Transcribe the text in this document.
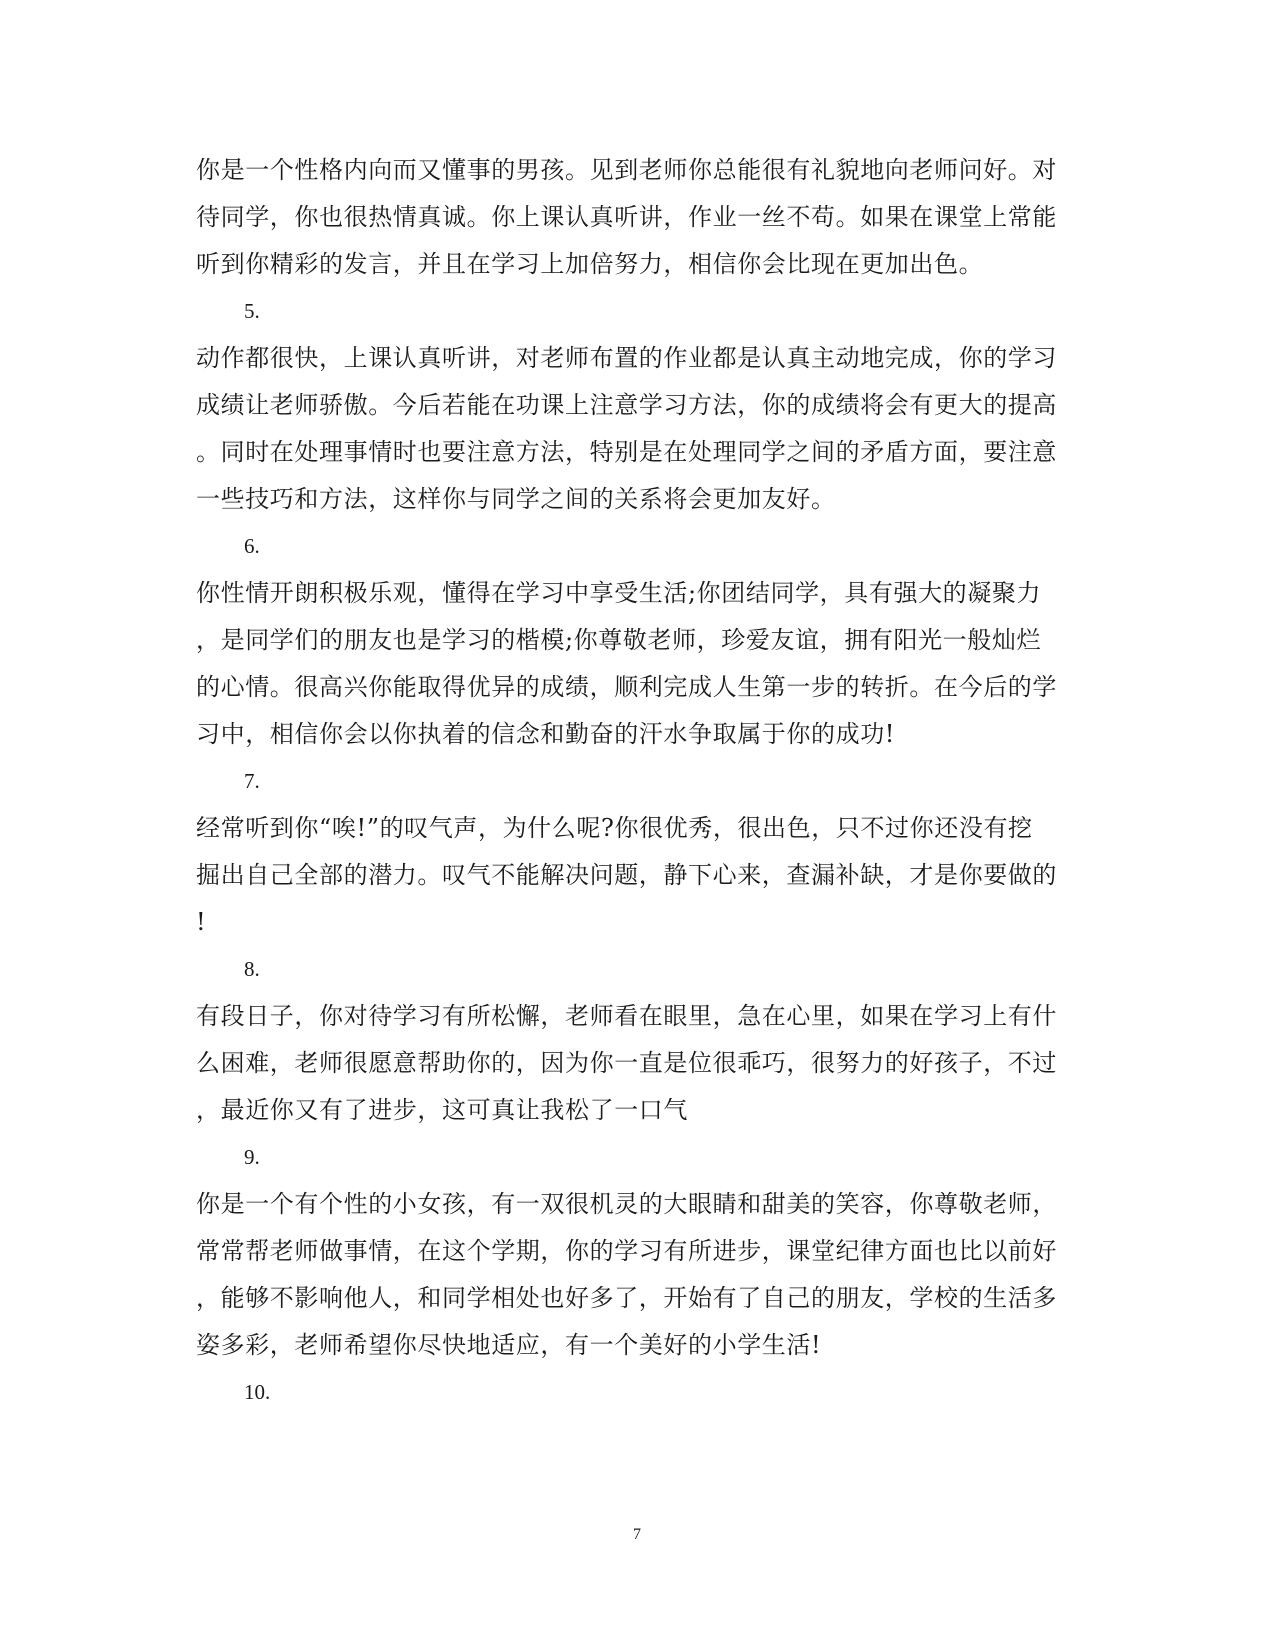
你是一个性格内向而又懂事的男孩。见到老师你总能很有礼貌地向老师问好。对
待同学，你也很热情真诚。你上课认真听讲，作业一丝不苟。如果在课堂上常能
听到你精彩的发言，并且在学习上加倍努力，相信你会比现在更加出色。
5.
动作都很快，上课认真听讲，对老师布置的作业都是认真主动地完成，你的学习
成绩让老师骄傲。今后若能在功课上注意学习方法，你的成绩将会有更大的提高
。同时在处理事情时也要注意方法，特别是在处理同学之间的矛盾方面，要注意
一些技巧和方法，这样你与同学之间的关系将会更加友好。
6.
你性情开朗积极乐观，懂得在学习中享受生活;你团结同学，具有强大的凝聚力
，是同学们的朋友也是学习的楷模;你尊敬老师，珍爱友谊，拥有阳光一般灿烂
的心情。很高兴你能取得优异的成绩，顺利完成人生第一步的转折。在今后的学
习中，相信你会以你执着的信念和勤奋的汗水争取属于你的成功!
7.
经常听到你“唉!”的叹气声，为什么呢?你很优秀，很出色，只不过你还没有挖
掘出自己全部的潜力。叹气不能解决问题，静下心来，查漏补缺，才是你要做的
!
8.
有段日子，你对待学习有所松懈，老师看在眼里，急在心里，如果在学习上有什
么困难，老师很愿意帮助你的，因为你一直是位很乖巧，很努力的好孩子，不过
，最近你又有了进步，这可真让我松了一口气
9.
你是一个有个性的小女孩，有一双很机灵的大眼睛和甜美的笑容，你尊敬老师，
常常帮老师做事情，在这个学期，你的学习有所进步，课堂纪律方面也比以前好
，能够不影响他人，和同学相处也好多了，开始有了自己的朋友，学校的生活多
姿多彩，老师希望你尽快地适应，有一个美好的小学生活!
10.
7
